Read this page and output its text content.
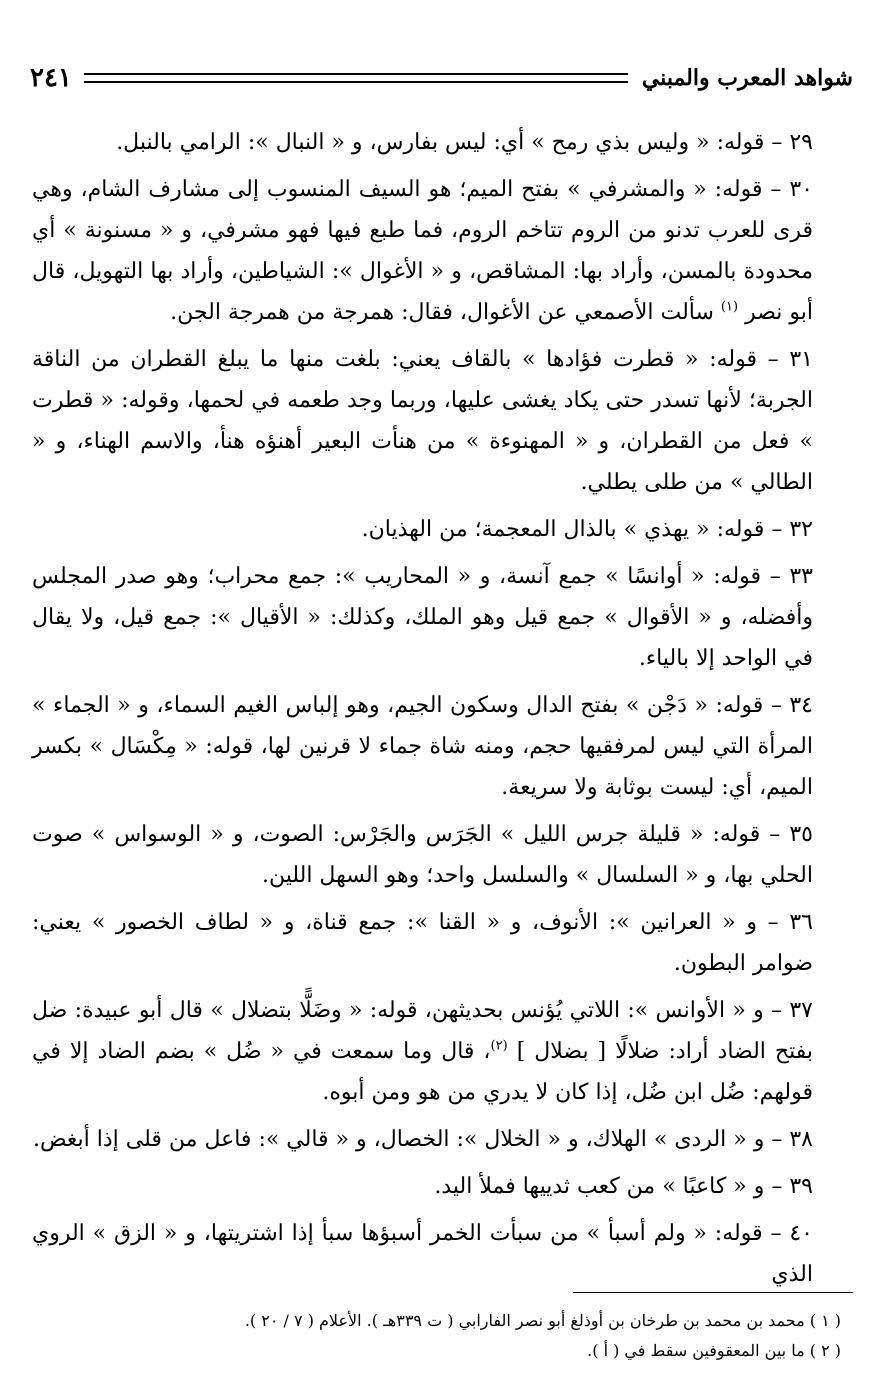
شواهد المعرب والمبني
٢٤١

٢٩ – قوله: « وليس بذي رمح » أي: ليس بفارس، و « النبال »: الرامي بالنبل.

٣٠ – قوله: « والمشرفي » بفتح الميم؛ هو السيف المنسوب إلى مشارف الشام، وهي قرى للعرب تدنو من الروم تتاخم الروم، فما طبع فيها فهو مشرفي، و « مسنونة » أي محدودة بالمسن، وأراد بها: المشاقص، و « الأغوال »: الشياطين، وأراد بها التهويل، قال أبو نصر $^{(١)}$ سألت الأصمعي عن الأغوال، فقال: همرجة من همرجة الجن.

٣١ – قوله: « قطرت فؤادها » بالقاف يعني: بلغت منها ما يبلغ القطران من الناقة الجربة؛ لأنها تسدر حتى يكاد يغشى عليها، وربما وجد طعمه في لحمها، وقوله: « قطرت » فعل من القطران، و « المهنوءة » من هنأت البعير أهنؤه هنأ، والاسم الهناء، و « الطالي » من طلى يطلي.

٣٢ – قوله: « يهذي » بالذال المعجمة؛ من الهذيان.

٣٣ – قوله: « أوانسًا » جمع آنسة، و « المحاريب »: جمع محراب؛ وهو صدر المجلس وأفضله، و « الأقوال » جمع قيل وهو الملك، وكذلك: « الأقيال »: جمع قيل، ولا يقال في الواحد إلا بالياء.

٣٤ – قوله: « دَجْن » بفتح الدال وسكون الجيم، وهو إلباس الغيم السماء، و « الجماء » المرأة التي ليس لمرفقيها حجم، ومنه شاة جماء لا قرنين لها، قوله: « مِكْسَال » بكسر الميم، أي: ليست بوثابة ولا سريعة.

٣٥ – قوله: « قليلة جرس الليل » الجَرَس والجَرْس: الصوت، و « الوسواس » صوت الحلي بها، و « السلسال » والسلسل واحد؛ وهو السهل اللين.

٣٦ – و « العرانين »: الأنوف، و « القنا »: جمع قناة، و « لطاف الخصور » يعني: ضوامر البطون.

٣٧ – و « الأوانس »: اللاتي يُؤنس بحديثهن، قوله: « وضَلًّا بتضلال » قال أبو عبيدة: ضل بفتح الضاد أراد: ضلالًا [ بضلال ] $^{(٢)}$، قال وما سمعت في « ضُل » بضم الضاد إلا في قولهم: ضُل ابن ضُل، إذا كان لا يدري من هو ومن أبوه.

٣٨ – و « الردى » الهلاك، و « الخلال »: الخصال، و « قالي »: فاعل من قلى إذا أبغض.

٣٩ – و « كاعبًا » من كعب ثدييها فملأ اليد.

٤٠ – قوله: « ولم أسبأ » من سبأت الخمر أسبؤها سبأ إذا اشتريتها، و « الزق » الروي الذي

( ١ ) محمد بن محمد بن طرخان بن أوذلغ أبو نصر الفارابي ( ت ٣٣٩هـ ). الأعلام ( ٧ / ٢٠ ).

( ٢ ) ما بين المعقوفين سقط في ( أ ).
